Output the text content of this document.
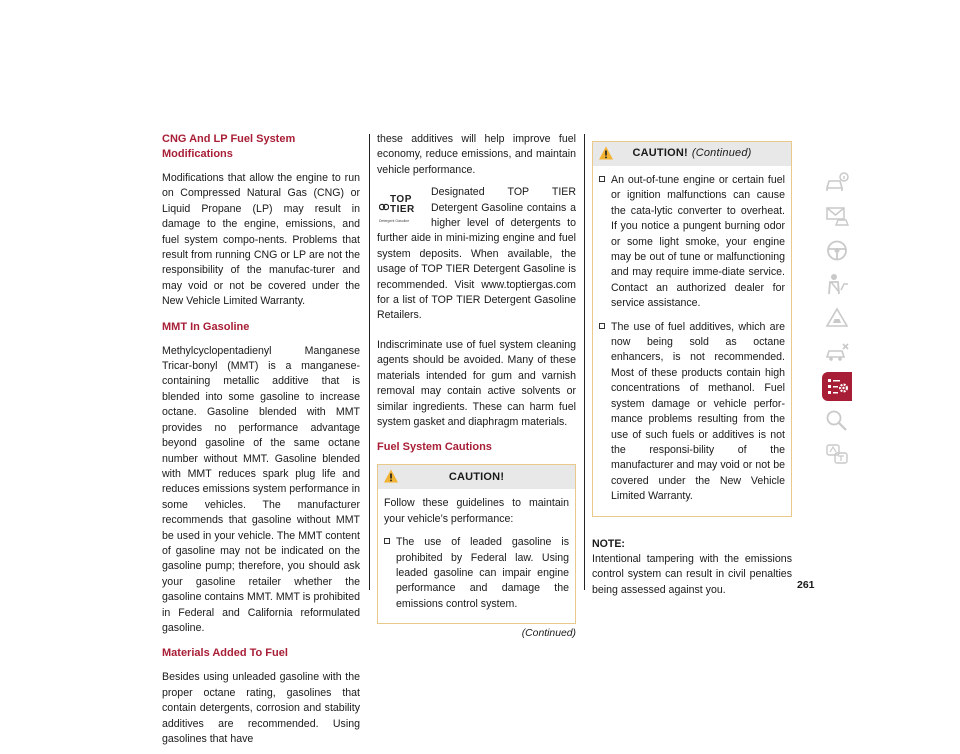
CNG And LP Fuel System Modifications

Modifications that allow the engine to run on Compressed Natural Gas (CNG) or Liquid Propane (LP) may result in damage to the engine, emissions, and fuel system compo-nents. Problems that result from running CNG or LP are not the responsibility of the manufac-turer and may void or not be covered under the New Vehicle Limited Warranty.

MMT In Gasoline

Methylcyclopentadienyl Manganese Tricar-bonyl (MMT) is a manganese-containing metallic additive that is blended into some gasoline to increase octane. Gasoline blended with MMT provides no performance advantage beyond gasoline of the same octane number without MMT. Gasoline blended with MMT reduces spark plug life and reduces emissions system performance in some vehicles. The manufacturer recommends that gasoline without MMT be used in your vehicle. The MMT content of gasoline may not be indicated on the gasoline pump; therefore, you should ask your gasoline retailer whether the gasoline contains MMT. MMT is prohibited in Federal and California reformulated gasoline.

Materials Added To Fuel

Besides using unleaded gasoline with the proper octane rating, gasolines that contain detergents, corrosion and stability additives are recommended. Using gasolines that have

these additives will help improve fuel economy, reduce emissions, and maintain vehicle performance.

TOP
TIER
Detergent Gasoline

Designated TOP TIER Detergent Gasoline contains a higher level of detergents to further aide in mini-mizing engine and fuel system deposits. When available, the usage of TOP TIER Detergent Gasoline is recommended. Visit www.toptiergas.com for a list of TOP TIER Detergent Gasoline Retailers.

Indiscriminate use of fuel system cleaning agents should be avoided. Many of these materials intended for gum and varnish removal may contain active solvents or similar ingredients. These can harm fuel system gasket and diaphragm materials.

Fuel System Cautions
CAUTION!

Follow these guidelines to maintain your vehicle’s performance:

The use of leaded gasoline is prohibited by Federal law. Using leaded gasoline can impair engine performance and damage the emissions control system.
(Continued)
CAUTION! (Continued)
An out-of-tune engine or certain fuel or ignition malfunctions can cause the cata-lytic converter to overheat. If you notice a pungent burning odor or some light smoke, your engine may be out of tune or malfunctioning and may require imme-diate service. Contact an authorized dealer for service assistance.
The use of fuel additives, which are now being sold as octane enhancers, is not recommended. Most of these products contain high concentrations of methanol. Fuel system damage or vehicle perfor-mance problems resulting from the use of such fuels or additives is not the responsi-bility of the manufacturer and may void or not be covered under the New Vehicle Limited Warranty.
NOTE:

Intentional tampering with the emissions control system can result in civil penalties being assessed against you.	261
